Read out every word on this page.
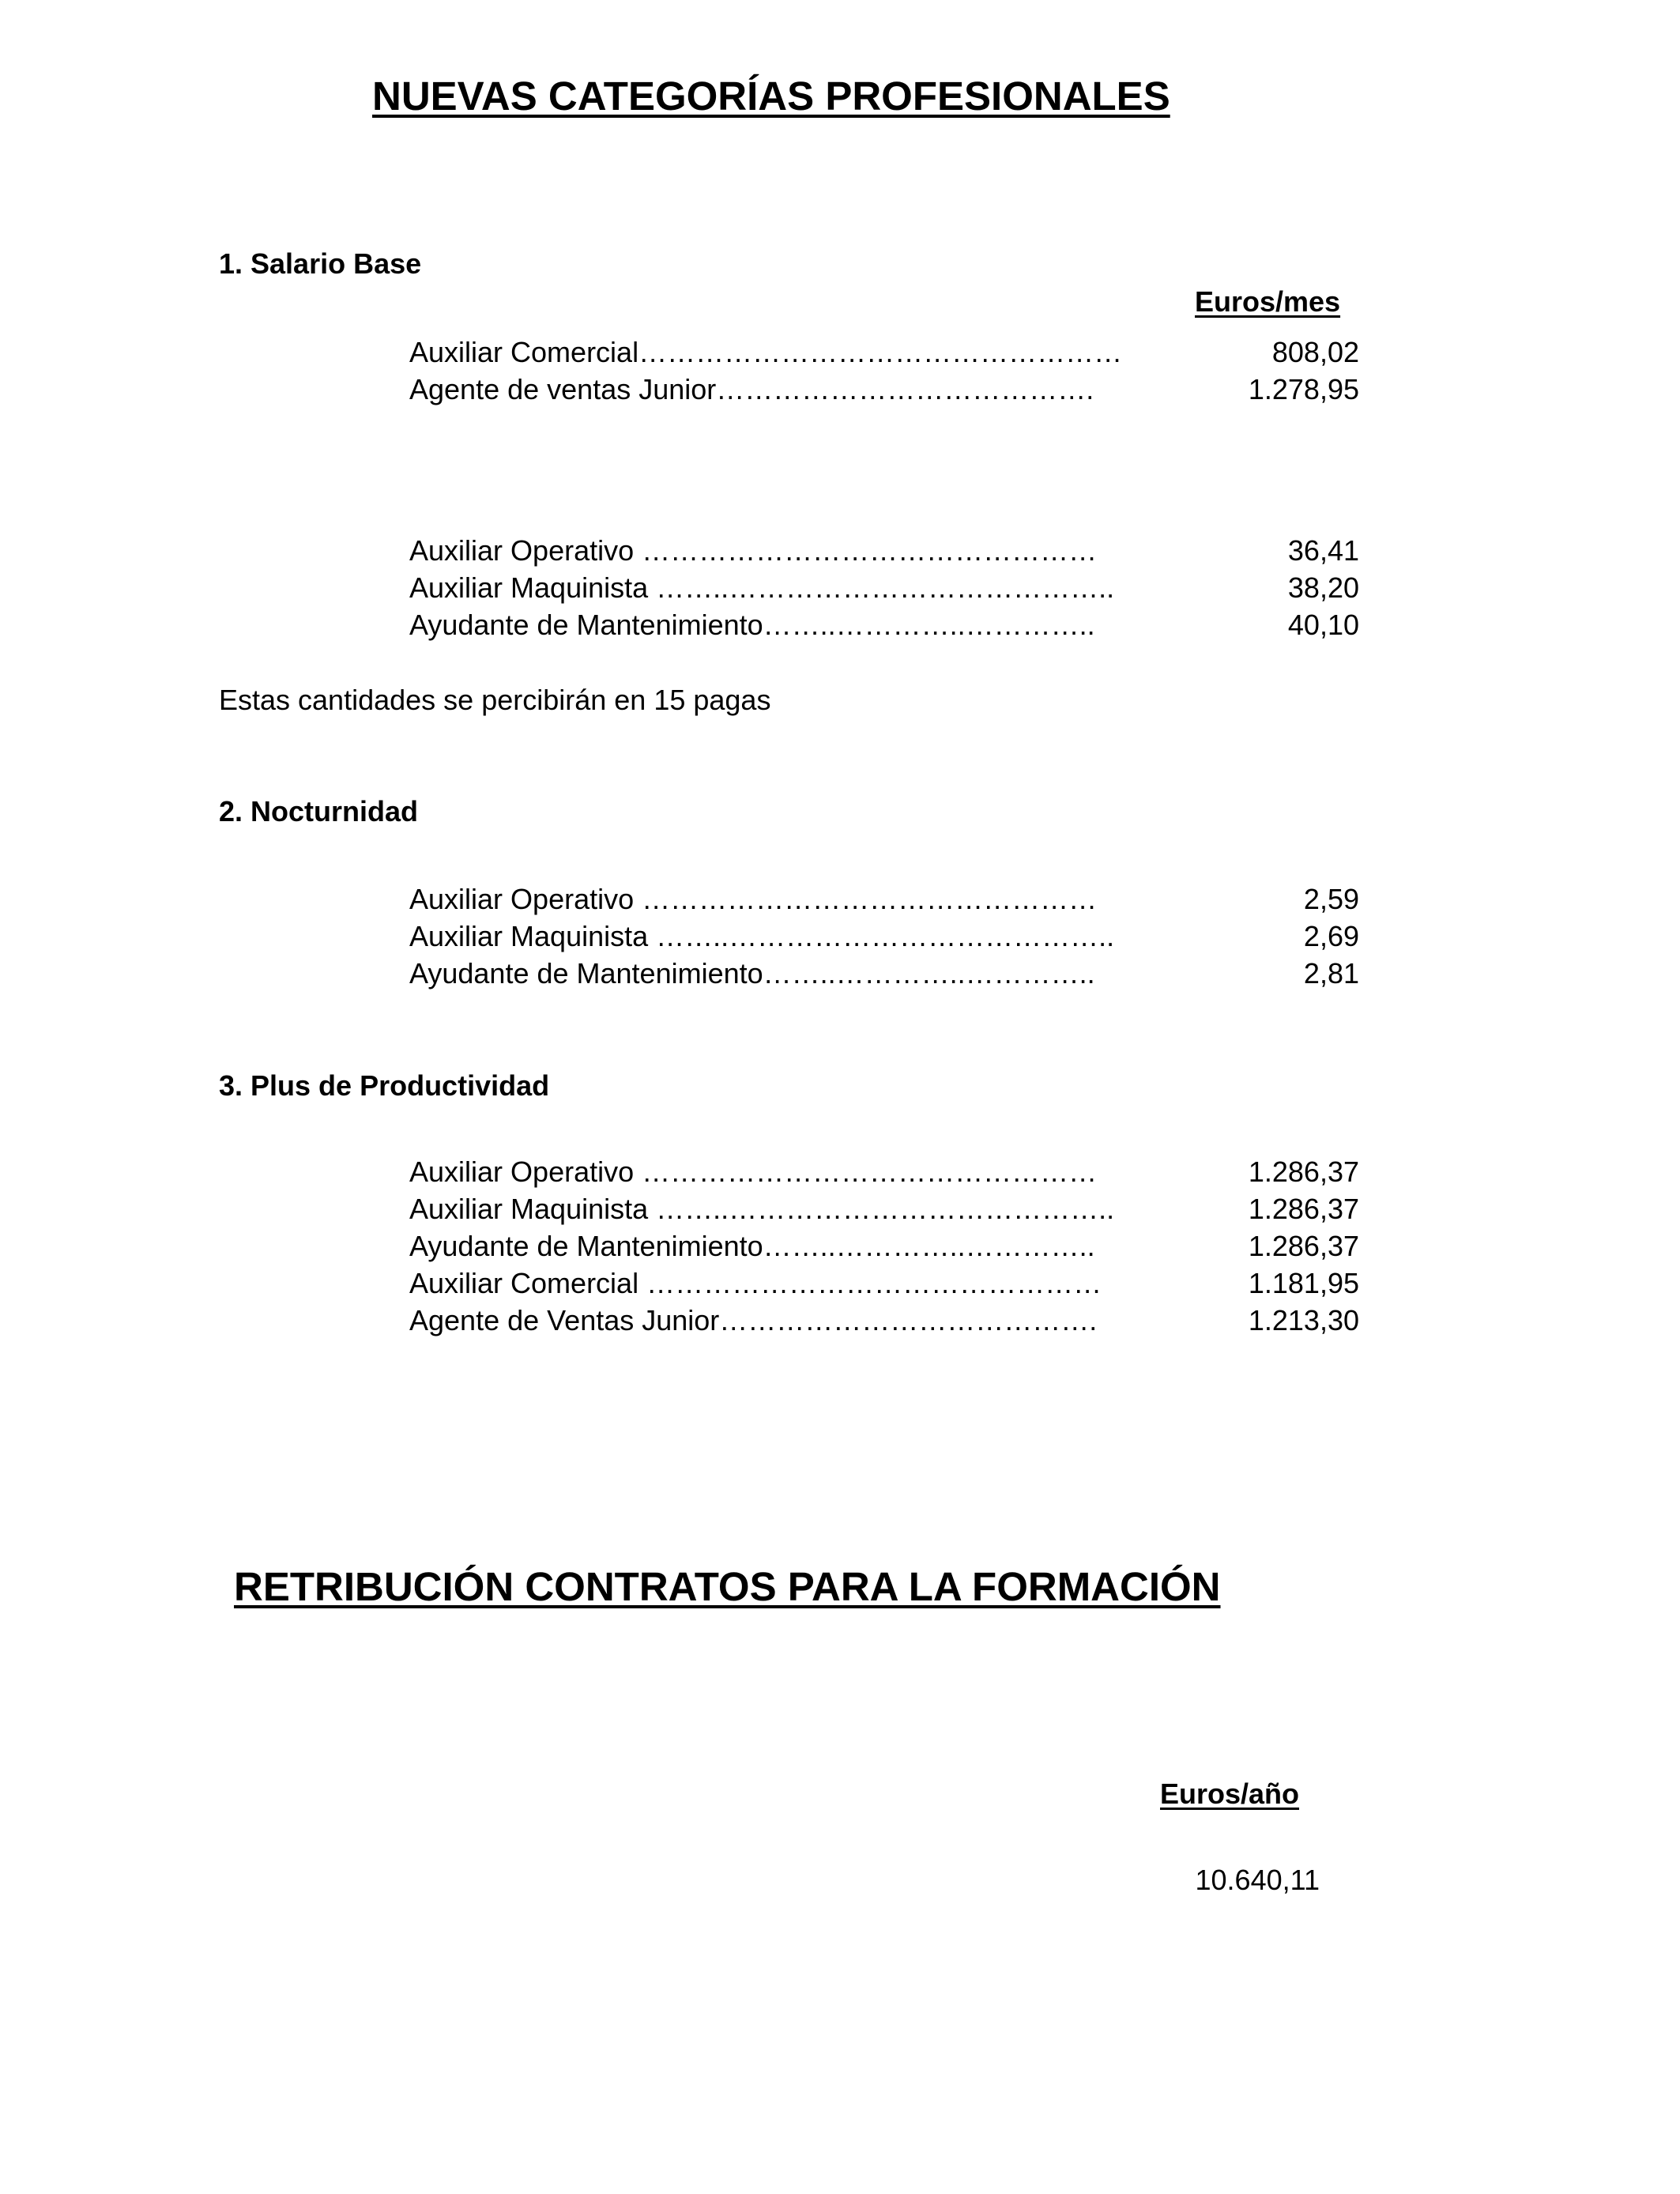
NUEVAS CATEGORÍAS PROFESIONALES
1. Salario Base
Euros/mes
Auxiliar Comercial……………………………………………	808,02
Agente de ventas Junior………………………………….	1.278,95
Auxiliar Operativo …………………………………………	36,41
Auxiliar Maquinista ……..…………………………………..	38,20
Ayudante de Mantenimiento……..…………..…………..	40,10
Estas cantidades se percibirán en 15 pagas
2. Nocturnidad
Auxiliar Operativo …………………………………………	2,59
Auxiliar Maquinista ……..…………………………………..	2,69
Ayudante de Mantenimiento……..…………..…………..	2,81
3. Plus de Productividad
Auxiliar Operativo …………………………………………	1.286,37
Auxiliar Maquinista ……..…………………………………..	1.286,37
Ayudante de Mantenimiento……..…………..…………..	1.286,37
Auxiliar Comercial …………………………………………	1.181,95
Agente de Ventas Junior………………………………….	1.213,30
RETRIBUCIÓN CONTRATOS PARA LA FORMACIÓN
Euros/año
10.640,11
